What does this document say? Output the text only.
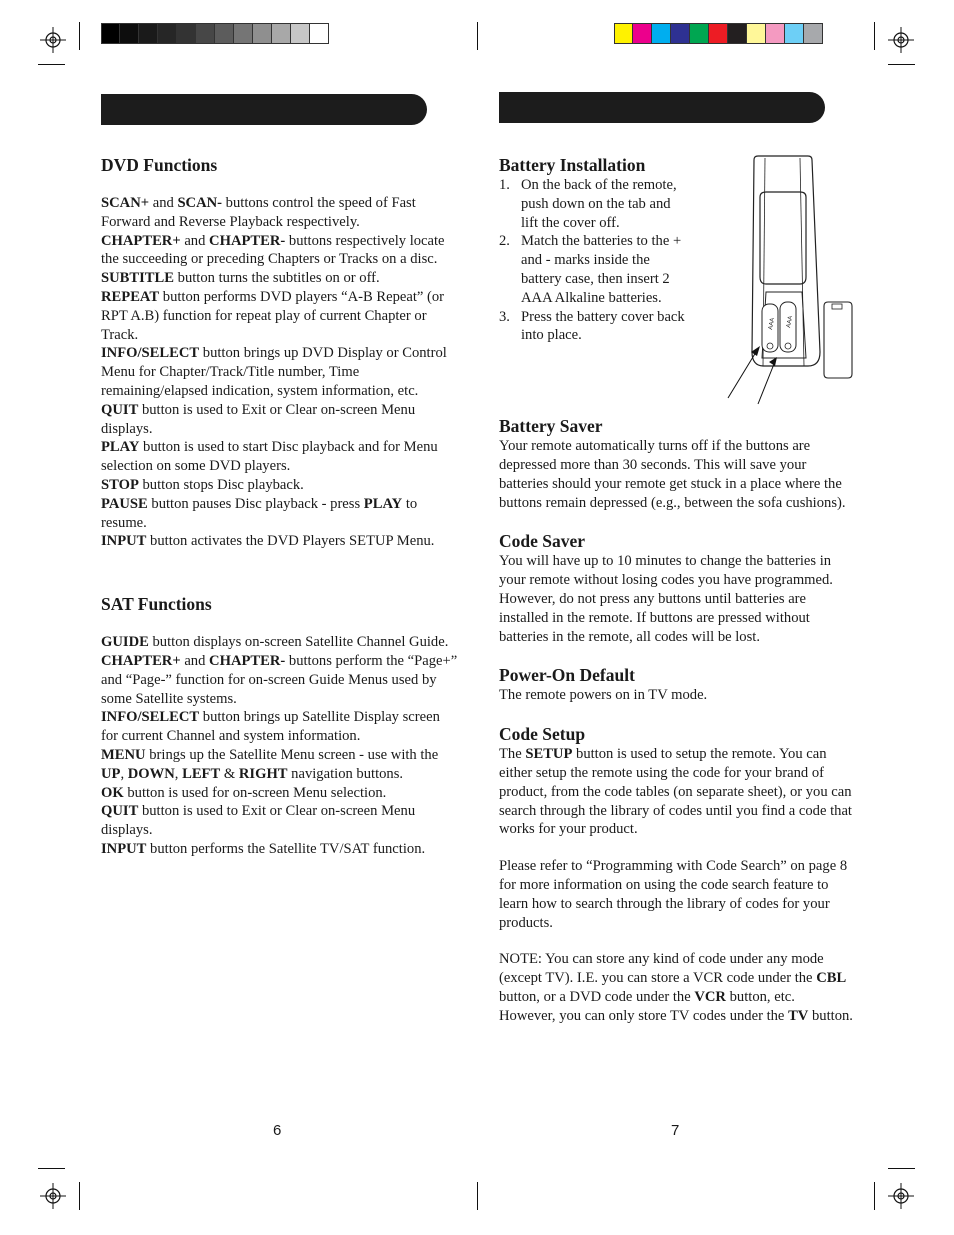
DVD Functions

SCAN+ and SCAN- buttons control the speed of Fast Forward and Reverse Playback respectively.

CHAPTER+ and CHAPTER- buttons respectively locate the succeeding or preceding Chapters or Tracks on a disc.

SUBTITLE button turns the subtitles on or off.

REPEAT button performs DVD players “A-B Repeat” (or RPT A.B) function for repeat play of current Chapter or Track.

INFO/SELECT button brings up DVD Display or Control Menu for Chapter/Track/Title number, Time remaining/elapsed indication, system information, etc.

QUIT button is used to Exit or Clear on-screen Menu displays.

PLAY button is used to start Disc playback and for Menu selection on some DVD players.

STOP button stops Disc playback.

PAUSE button pauses Disc playback - press PLAY to resume.

INPUT button activates the DVD Players SETUP Menu.

SAT Functions

GUIDE button displays on-screen Satellite Channel Guide.

CHAPTER+ and CHAPTER- buttons perform the “Page+” and “Page-” function for on-screen Guide Menus used by some Satellite systems.

INFO/SELECT button brings up Satellite Display screen for current Channel and system information.

MENU brings up the Satellite Menu screen - use with the UP, DOWN, LEFT & RIGHT navigation buttons.

OK button is used for on-screen Menu selection.

QUIT button is used to Exit or Clear on-screen Menu displays.

INPUT button performs the Satellite TV/SAT function.

Battery Installation

1. On the back of the remote, push down on the tab and lift the cover off.
2. Match the batteries to the + and - marks inside the battery case, then insert 2 AAA Alkaline batteries.
3. Press the battery cover back into place.

Battery Saver

Your remote automatically turns off if the buttons are depressed more than 30 seconds. This will save your batteries should your remote get stuck in a place where the buttons remain depressed (e.g., between the sofa cushions).

Code Saver

You will have up to 10 minutes to change the batteries in your remote without losing codes you have programmed. However, do not press any buttons until batteries are installed in the remote. If buttons are pressed without batteries in the remote, all codes will be lost.

Power-On Default

The remote powers on in TV mode.

Code Setup

The SETUP button is used to setup the remote. You can either setup the remote using the code for your brand of product, from the code tables (on separate sheet), or you can search through the library of codes until you find a code that works for your product.

Please refer to “Programming with Code Search” on page 8 for more information on using the code search feature to learn how to search through the library of codes for your products.

NOTE: You can store any kind of code under any mode (except TV). I.E. you can store a VCR code under the CBL button, or a DVD code under the VCR button, etc. However, you can only store TV codes under the TV button.

AAA AAA
6	7
